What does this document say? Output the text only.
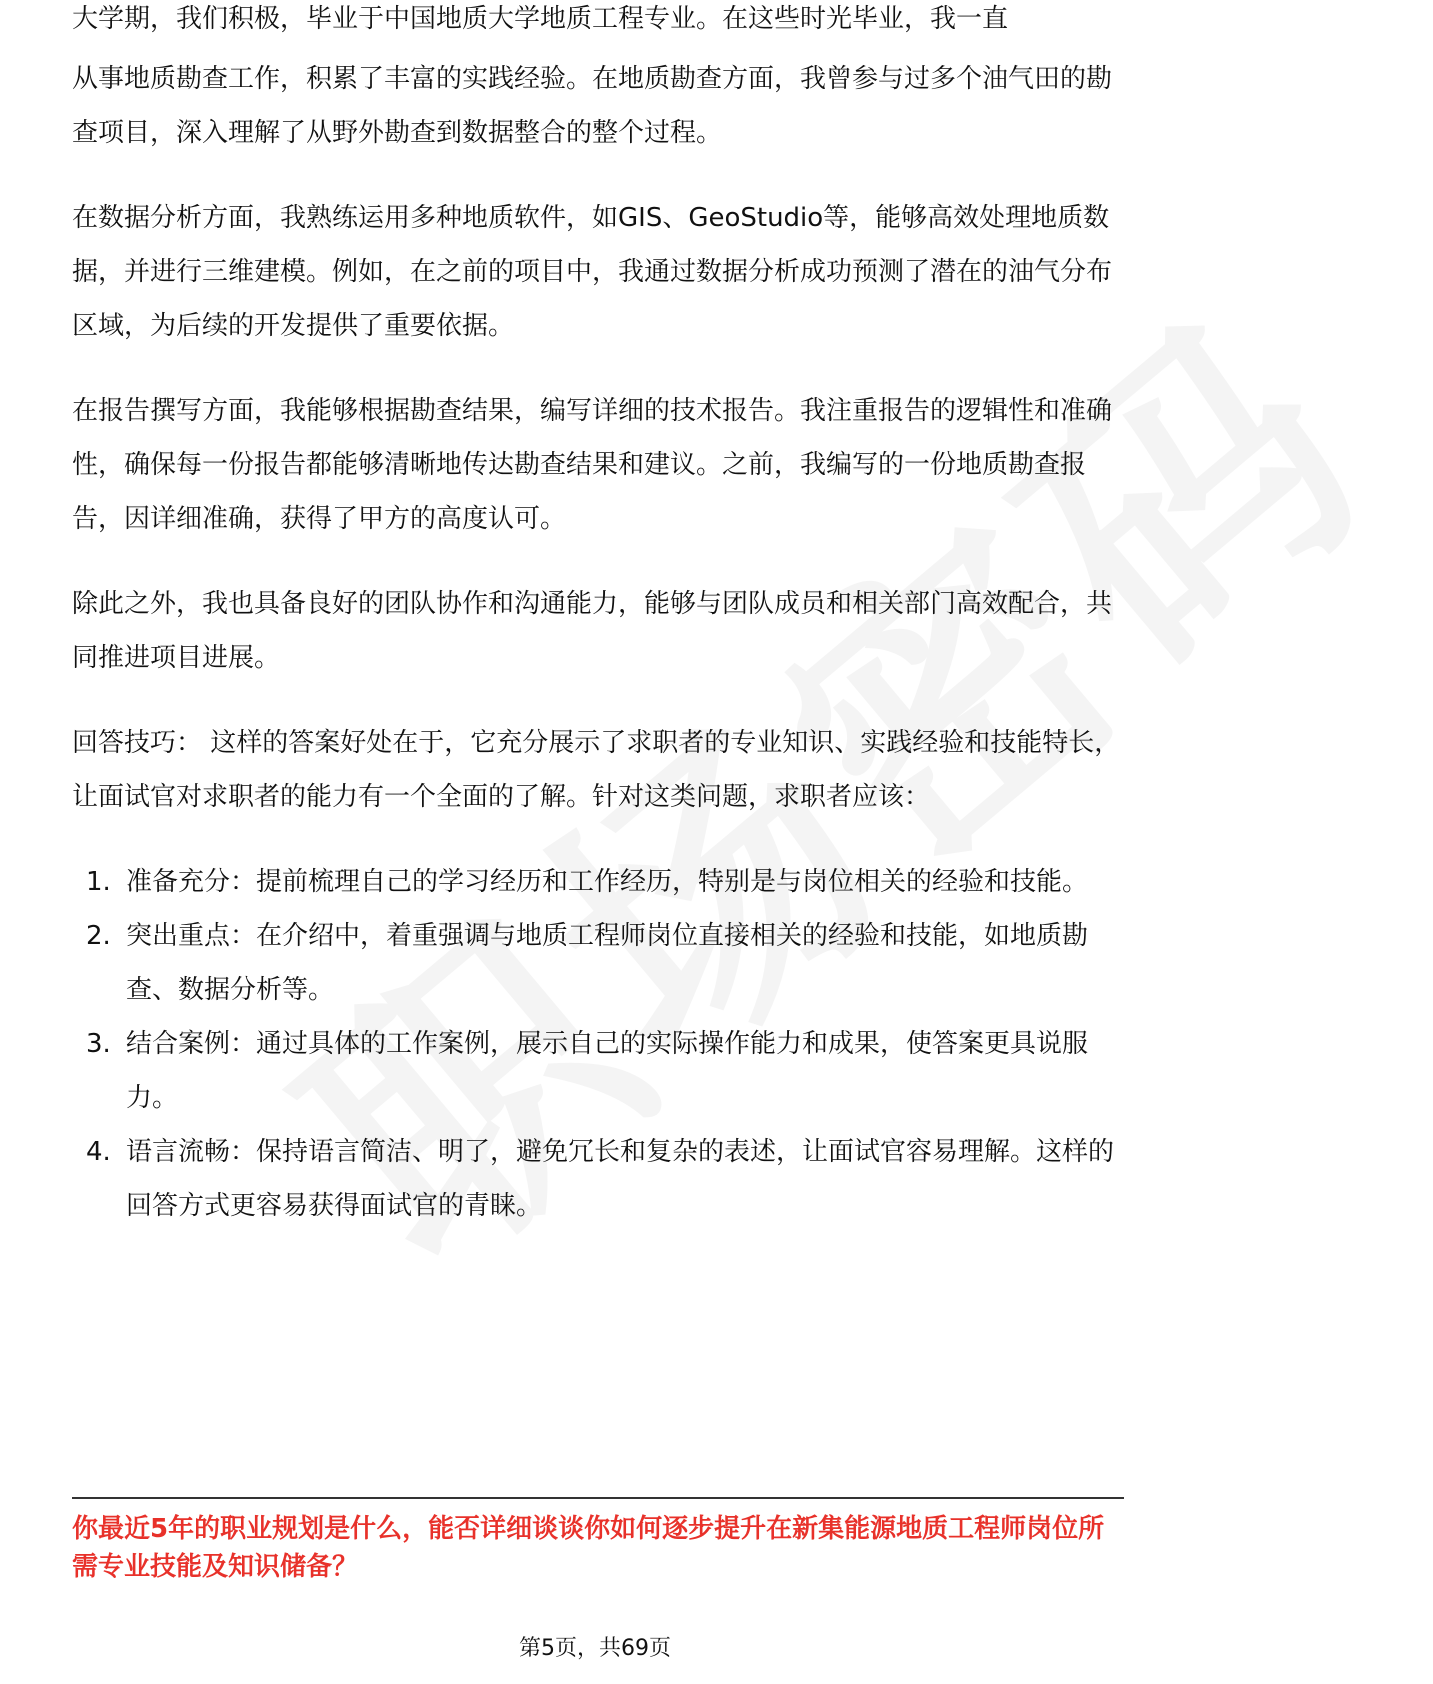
大学期，我们积极，毕业于中国地质大学地质工程专业。在这些时光毕业，我一直

从事地质勘查工作，积累了丰富的实践经验。在地质勘查方面，我曾参与过多个油气田的勘查项目，深入理解了从野外勘查到数据整合的整个过程。

在数据分析方面，我熟练运用多种地质软件，如GIS、GeoStudio等，能够高效处理地质数据，并进行三维建模。例如，在之前的项目中，我通过数据分析成功预测了潜在的油气分布区域，为后续的开发提供了重要依据。

在报告撰写方面，我能够根据勘查结果，编写详细的技术报告。我注重报告的逻辑性和准确性，确保每一份报告都能够清晰地传达勘查结果和建议。之前，我编写的一份地质勘查报告，因详细准确，获得了甲方的高度认可。

除此之外，我也具备良好的团队协作和沟通能力，能够与团队成员和相关部门高效配合，共同推进项目进展。

回答技巧： 这样的答案好处在于，它充分展示了求职者的专业知识、实践经验和技能特长，让面试官对求职者的能力有一个全面的了解。针对这类问题，求职者应该：

1. 准备充分：提前梳理自己的学习经历和工作经历，特别是与岗位相关的经验和技能。
2. 突出重点：在介绍中，着重强调与地质工程师岗位直接相关的经验和技能，如地质勘查、数据分析等。
3. 结合案例：通过具体的工作案例，展示自己的实际操作能力和成果，使答案更具说服力。
4. 语言流畅：保持语言简洁、明了，避免冗长和复杂的表述，让面试官容易理解。这样的回答方式更容易获得面试官的青睐。
你最近5年的职业规划是什么，能否详细谈谈你如何逐步提升在新集能源地质工程师岗位所需专业技能及知识储备？
第5页，共69页
